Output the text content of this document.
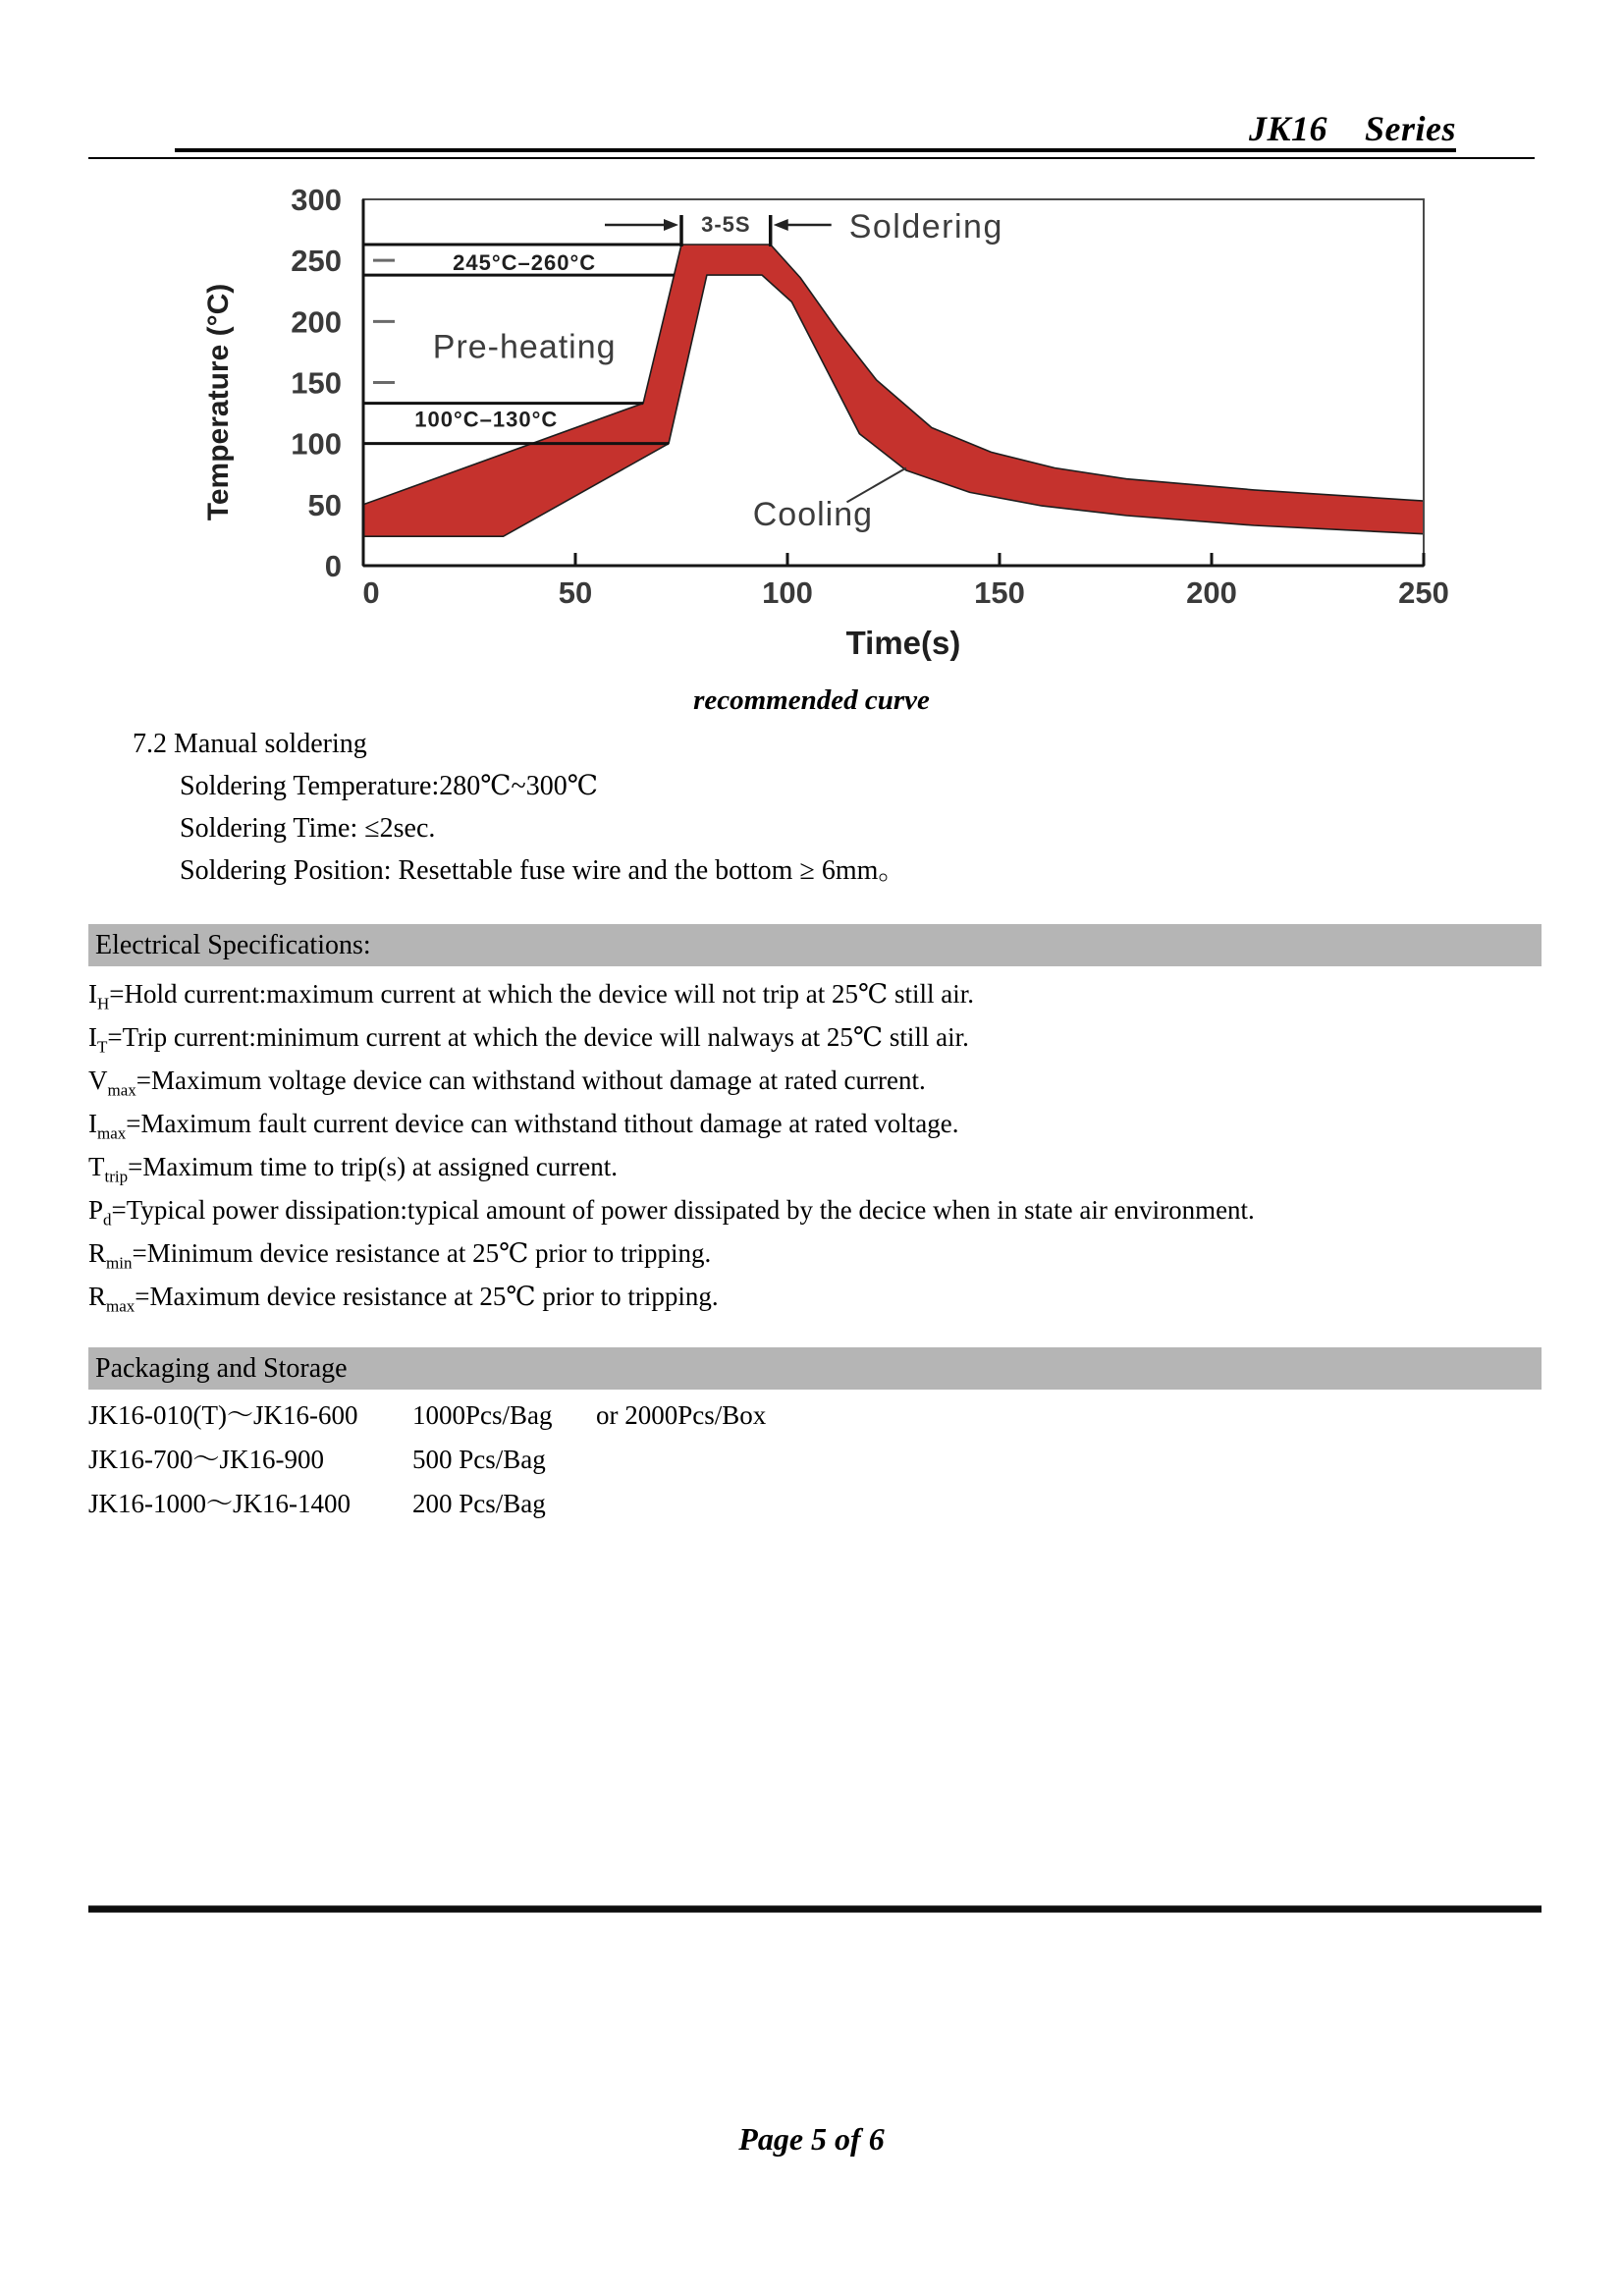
JK16    Series
300
250
200
150
100
50
0
0	50	100	150	200	250
Time(s)
Temperature (°C)
245°C–260°C
100°C–130°C
Pre-heating
Cooling
3-5S	Soldering
recommended curve
7.2 Manual soldering
Soldering Temperature:280℃~300℃
Soldering Time: ≤2sec.
Soldering Position: Resettable fuse wire and the bottom ≥ 6mm。
Electrical Specifications:
$I_H=Hold$ current:maximum current at which the device will not trip at 25℃ still air.
$I_T=Trip$ current:minimum current at which the device will nalways at 25℃ still air.
$V_{max}=Maximum$ voltage device can withstand without damage at rated current.
$I_{max}=Maximum$ fault current device can withstand tithout damage at rated voltage.
$T_{trip}=Maximum$ time to trip(s) at assigned current.
$P_d=Typical$ power dissipation:typical amount of power dissipated by the decice when in state air environment.
$R_{min}=Minimum$ device resistance at 25℃ prior to tripping.
$R_{max}=Maximum$ device resistance at 25℃ prior to tripping.
Packaging and Storage
JK16-010(T)～JK16-600	1000Pcs/Bag	or 2000Pcs/Box
JK16-700～JK16-900	500 Pcs/Bag
JK16-1000～JK16-1400	200 Pcs/Bag
Page 5 of 6
